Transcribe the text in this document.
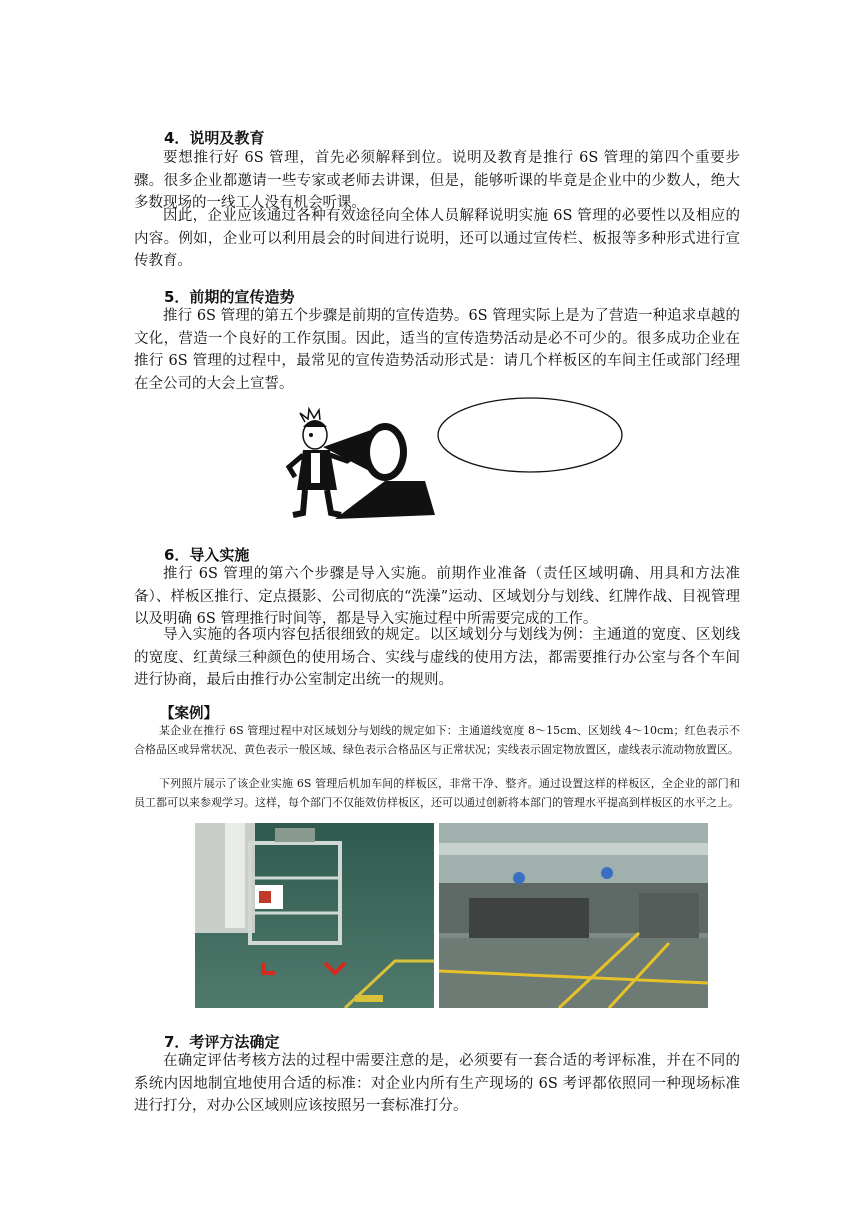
4．说明及教育

要想推行好 6S 管理，首先必须解释到位。说明及教育是推行 6S 管理的第四个重要步骤。很多企业都邀请一些专家或老师去讲课，但是，能够听课的毕竟是企业中的少数人，绝大多数现场的一线工人没有机会听课。

因此，企业应该通过各种有效途径向全体人员解释说明实施 6S 管理的必要性以及相应的内容。例如，企业可以利用晨会的时间进行说明，还可以通过宣传栏、板报等多种形式进行宣传教育。

5．前期的宣传造势

推行 6S 管理的第五个步骤是前期的宣传造势。6S 管理实际上是为了营造一种追求卓越的文化，营造一个良好的工作氛围。因此，适当的宣传造势活动是必不可少的。很多成功企业在推行 6S 管理的过程中，最常见的宣传造势活动形式是：请几个样板区的车间主任或部门经理在全公司的大会上宣誓。

6．导入实施

推行 6S 管理的第六个步骤是导入实施。前期作业准备（责任区域明确、用具和方法准备）、样板区推行、定点摄影、公司彻底的“洗澡”运动、区域划分与划线、红牌作战、目视管理以及明确 6S 管理推行时间等，都是导入实施过程中所需要完成的工作。

导入实施的各项内容包括很细致的规定。以区域划分与划线为例：主通道的宽度、区划线的宽度、红黄绿三种颜色的使用场合、实线与虚线的使用方法，都需要推行办公室与各个车间进行协商，最后由推行办公室制定出统一的规则。

【案例】

某企业在推行 6S 管理过程中对区域划分与划线的规定如下：主通道线宽度 8～15cm、区划线 4～10cm；红色表示不合格品区或异常状况、黄色表示一般区域、绿色表示合格品区与正常状况；实线表示固定物放置区，虚线表示流动物放置区。

下列照片展示了该企业实施 6S 管理后机加车间的样板区，非常干净、整齐。通过设置这样的样板区，全企业的部门和员工都可以来参观学习。这样，每个部门不仅能效仿样板区，还可以通过创新将本部门的管理水平提高到样板区的水平之上。

7．考评方法确定

在确定评估考核方法的过程中需要注意的是，必须要有一套合适的考评标准，并在不同的系统内因地制宜地使用合适的标准：对企业内所有生产现场的 6S 考评都依照同一种现场标准进行打分，对办公区域则应该按照另一套标准打分。
